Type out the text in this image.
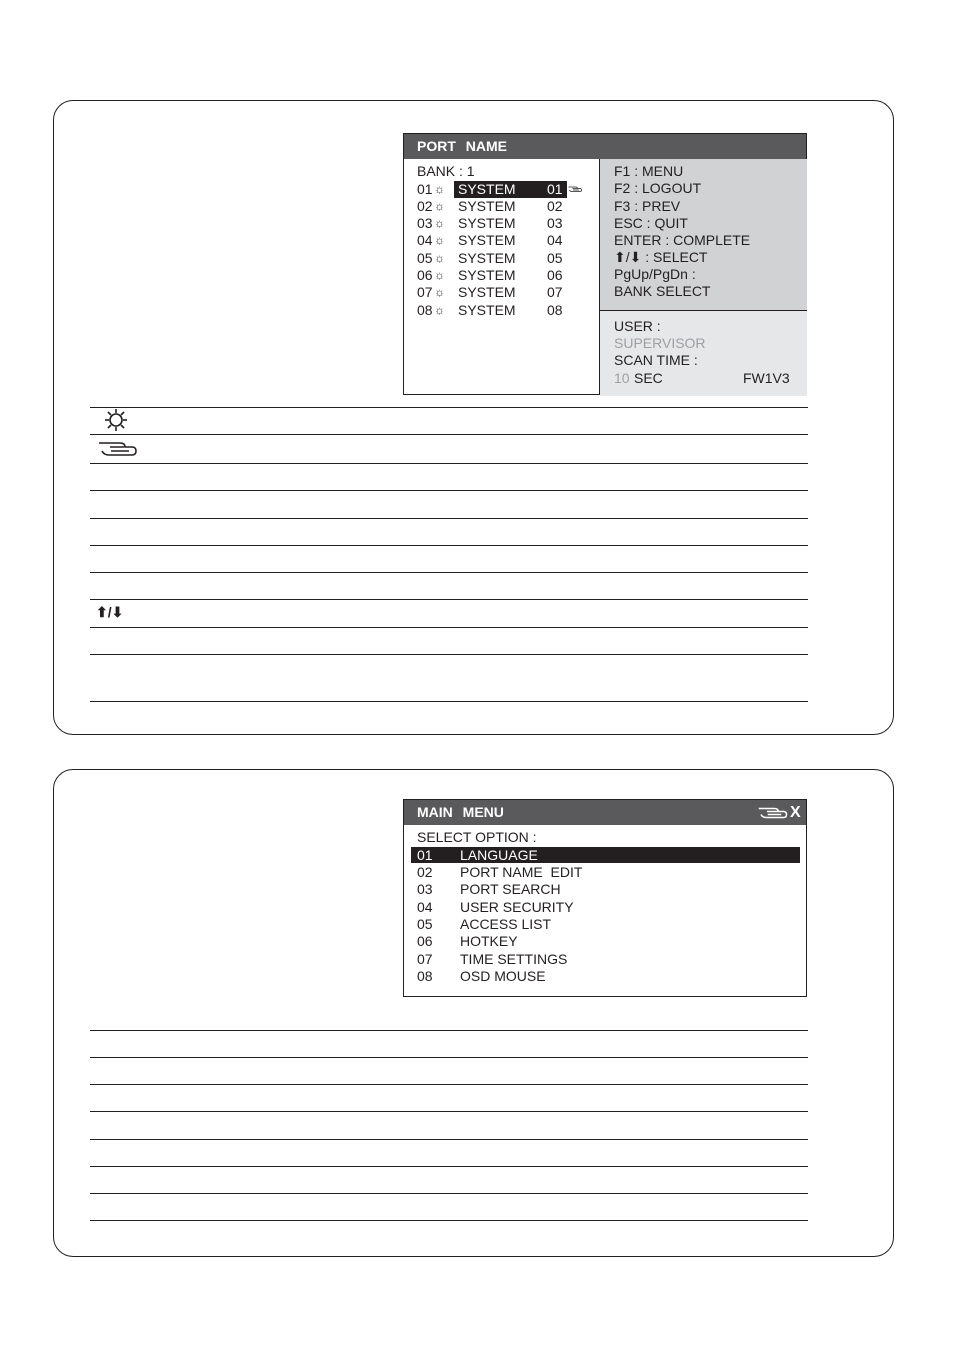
PORT NAME
BANK : 1
01 ☼ SYSTEM 01
02 ☼ SYSTEM 02
03 ☼ SYSTEM 03
04 ☼ SYSTEM 04
05 ☼ SYSTEM 05
06 ☼ SYSTEM 06
07 ☼ SYSTEM 07
08 ☼ SYSTEM 08
F1 : MENU
F2 : LOGOUT
F3 : PREV
ESC : QUIT
ENTER : COMPLETE
⬆/⬇ : SELECT
PgUp/PgDn :
BANK SELECT
USER :
SUPERVISOR
SCAN TIME :
10 SEC	FW1V3
⬆/⬇
MAIN MENU	X
SELECT OPTION :
01 LANGUAGE
02 PORT NAME  EDIT
03 PORT SEARCH
04 USER SECURITY
05 ACCESS LIST
06 HOTKEY
07 TIME SETTINGS
08 OSD MOUSE
